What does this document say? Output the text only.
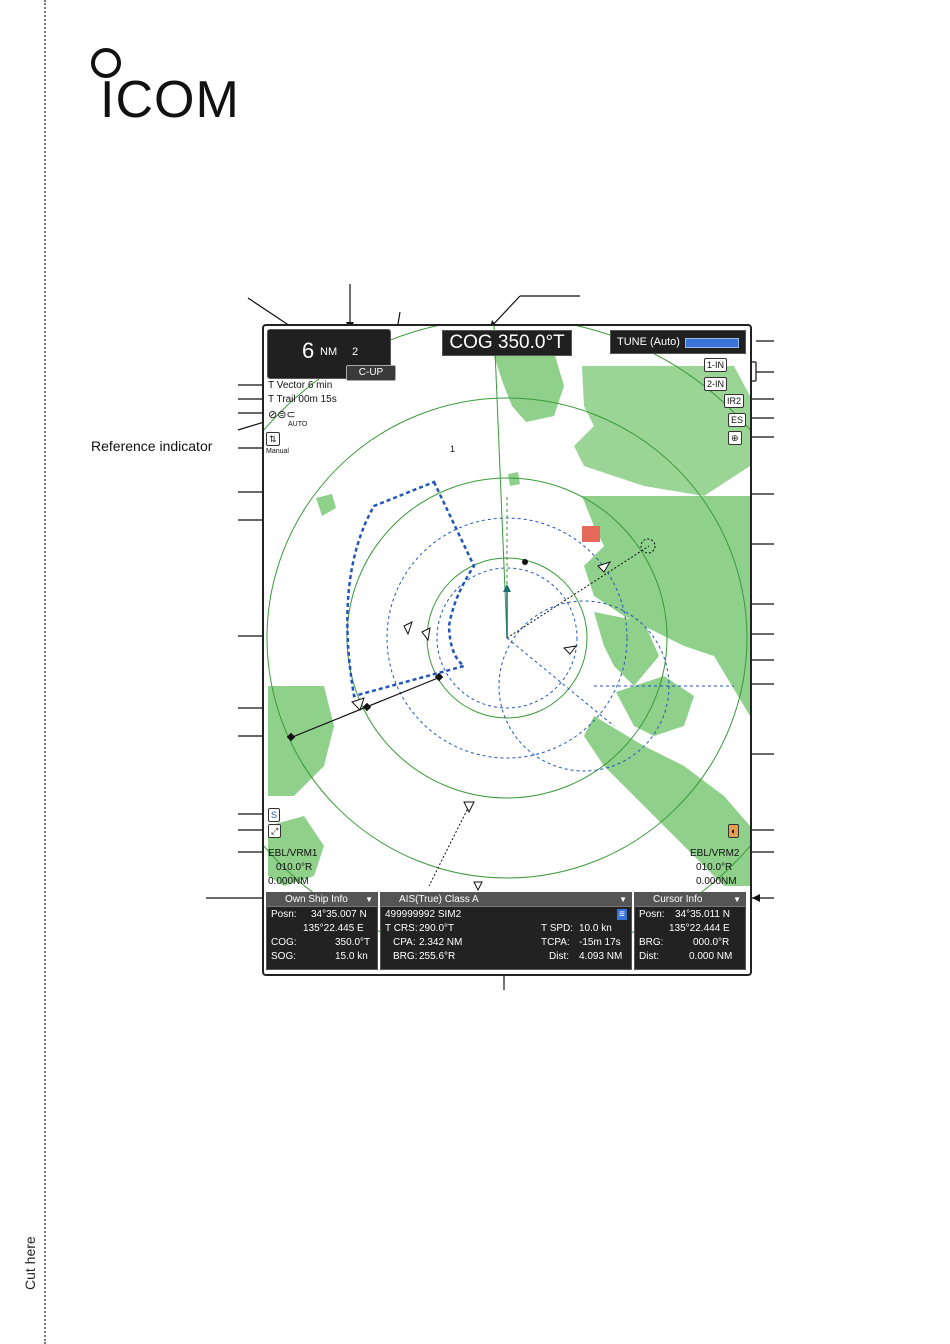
Cut here
ICOM
Reference indicator	1
6 NM 2
C-UP
COG 350.0°T	TUNE (Auto)
T Vector 6 min
T Trail 00m 15s
⊘⊜⊂
AUTO
⇅
Manual
1-IN
2-IN
IR2
ES
⊕
S
⤢	◐
EBL/VRM1
010.0°R
0.000NM
EBL/VRM2
010.0°R
0.000NM
Own Ship Info ▼
Posn: 34°35.007 N
135°22.445 E
COG:	350.0°T
SOG:	15.0 kn
AIS(True) Class A	▼
499999992 SIM2	≡
T CRS: 290.0°T	T SPD: 10.0 kn
CPA: 2.342 NM	TCPA: -15m 17s
BRG: 255.6°R	Dist: 4.093 NM
Cursor Info	▼
Posn: 34°35.011 N
135°22.444 E
BRG:	000.0°R
Dist:	0.000 NM
